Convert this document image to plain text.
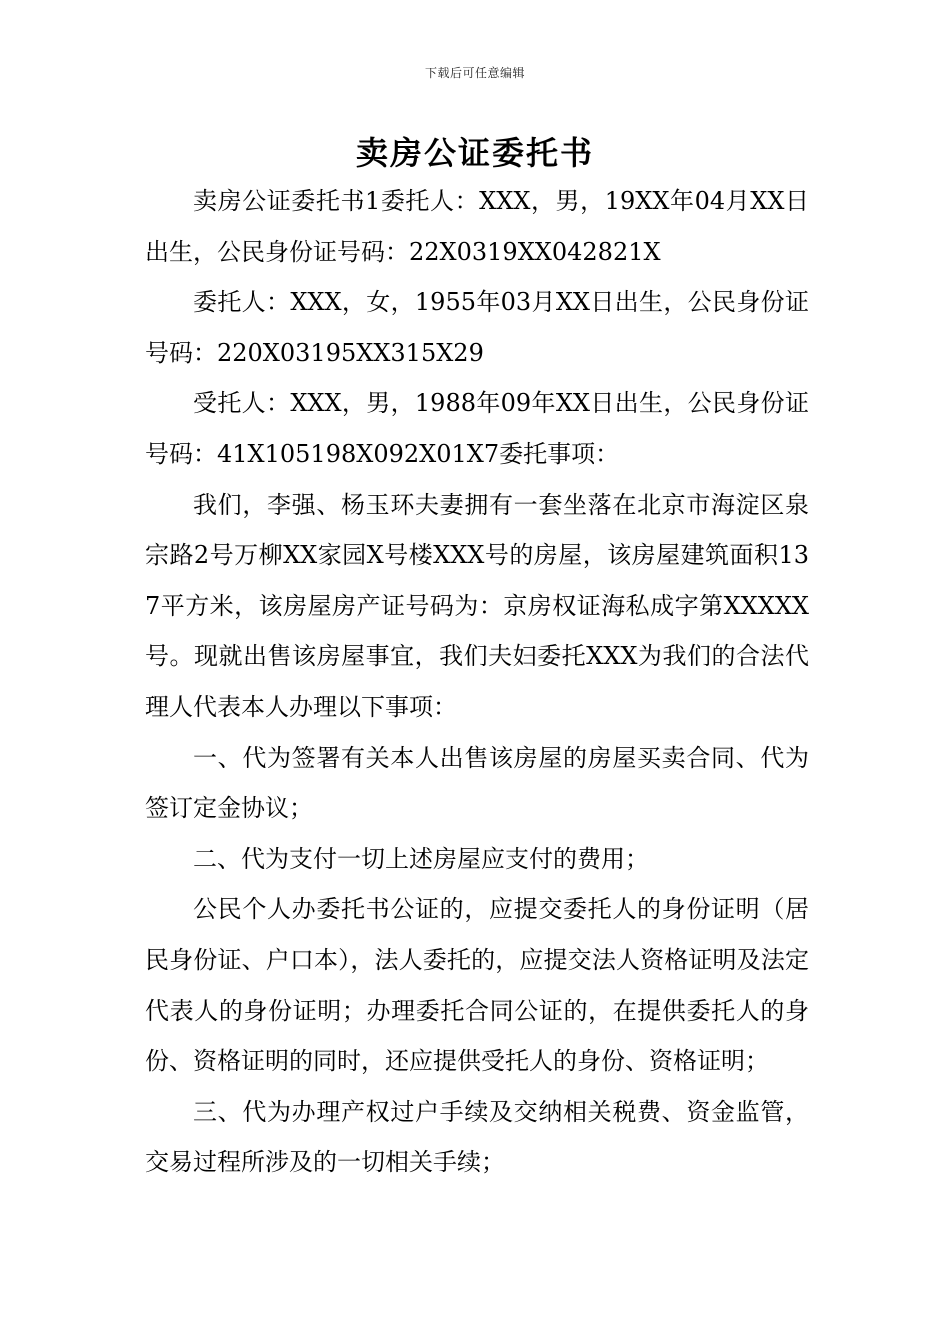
下载后可任意编辑
卖房公证委托书

卖房公证委托书1委托人：XXX，男，19XX年04月XX日出生，公民身份证号码：22X0319XX042821X

委托人：XXX，女，1955年03月XX日出生，公民身份证号码：220X03195XX315X29

受托人：XXX，男，1988年09年XX日出生，公民身份证号码：41X105198X092X01X7委托事项：

我们，李强、杨玉环夫妻拥有一套坐落在北京市海淀区泉宗路2号万柳XX家园X号楼XXX号的房屋，该房屋建筑面积137平方米，该房屋房产证号码为：京房权证海私成字第XXXXX号。现就出售该房屋事宜，我们夫妇委托XXX为我们的合法代理人代表本人办理以下事项：

一、代为签署有关本人出售该房屋的房屋买卖合同、代为签订定金协议；

二、代为支付一切上述房屋应支付的费用；

公民个人办委托书公证的，应提交委托人的身份证明（居民身份证、户口本），法人委托的，应提交法人资格证明及法定代表人的身份证明；办理委托合同公证的，在提供委托人的身份、资格证明的同时，还应提供受托人的身份、资格证明；

三、代为办理产权过户手续及交纳相关税费、资金监管，交易过程所涉及的一切相关手续；
